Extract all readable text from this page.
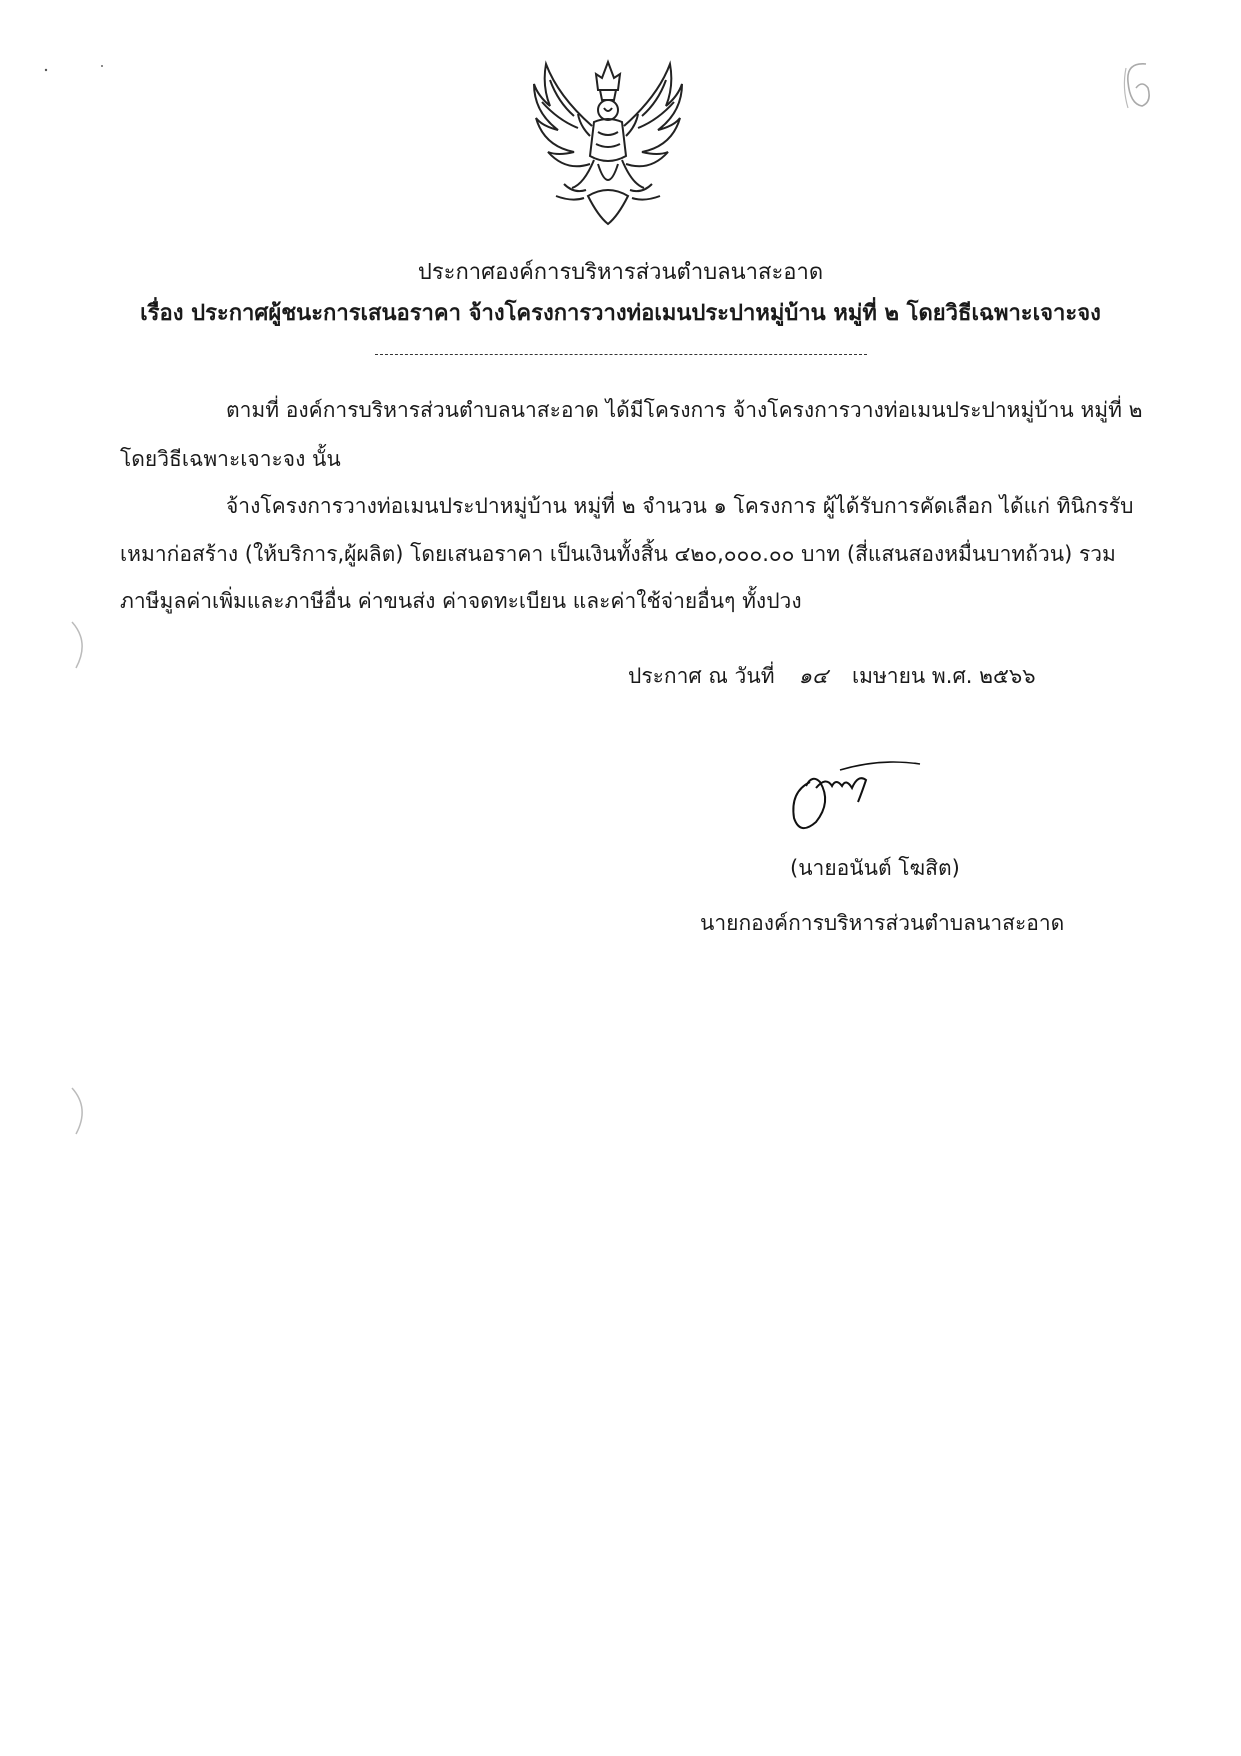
ประกาศองค์การบริหารส่วนตำบลนาสะอาด
เรื่อง ประกาศผู้ชนะการเสนอราคา จ้างโครงการวางท่อเมนประปาหมู่บ้าน หมู่ที่ ๒ โดยวิธีเฉพาะเจาะจง
ตามที่ องค์การบริหารส่วนตำบลนาสะอาด ได้มีโครงการ จ้างโครงการวางท่อเมนประปาหมู่บ้าน หมู่ที่ ๒
โดยวิธีเฉพาะเจาะจง นั้น
จ้างโครงการวางท่อเมนประปาหมู่บ้าน หมู่ที่ ๒ จำนวน ๑ โครงการ ผู้ได้รับการคัดเลือก ได้แก่ ทินิกรรับ
เหมาก่อสร้าง (ให้บริการ,ผู้ผลิต) โดยเสนอราคา เป็นเงินทั้งสิ้น ๔๒๐,๐๐๐.๐๐ บาท (สี่แสนสองหมื่นบาทถ้วน) รวม
ภาษีมูลค่าเพิ่มและภาษีอื่น ค่าขนส่ง ค่าจดทะเบียน และค่าใช้จ่ายอื่นๆ ทั้งปวง
ประกาศ ณ วันที่ ๑๔ เมษายน พ.ศ. ๒๕๖๖
(นายอนันต์ โฆสิต)
นายกองค์การบริหารส่วนตำบลนาสะอาด
